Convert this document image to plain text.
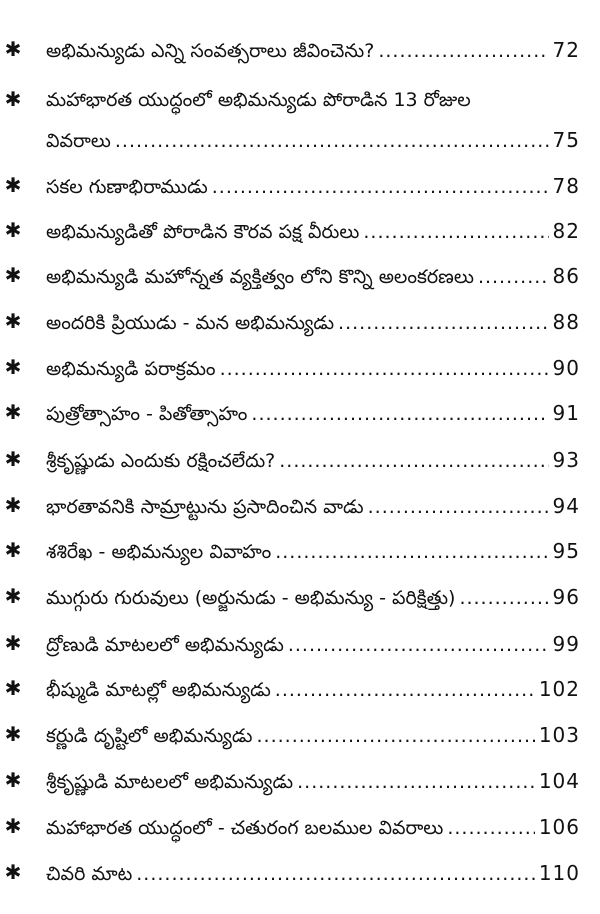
✱ అభిమన్యుడు ఎన్ని సంవత్సరాలు జీవించెను? .....	72
✱ మహాభారత యుద్ధంలో అభిమన్యుడు పోరాడిన 13 రోజుల
వివరాలు .....	75
✱ సకల గుణాభిరాముడు .....	78
✱ అభిమన్యుడితో పోరాడిన కౌరవ పక్ష వీరులు .....	82
✱ అభిమన్యుడి మహోన్నత వ్యక్తిత్వం లోని కొన్ని అలంకరణలు .....	86
✱ అందరికి ప్రియుడు - మన అభిమన్యుడు .....	88
✱ అభిమన్యుడి పరాక్రమం .....	90
✱ పుత్రోత్సాహం - పితోత్సాహం .....	91
✱ శ్రీకృష్ణుడు ఎందుకు రక్షించలేదు? .....	93
✱ భారతావనికి సామ్రాట్టును ప్రసాదించిన వాడు .....	94
✱ శశిరేఖ - అభిమన్యుల వివాహం .....	95
✱ ముగ్గురు గురువులు (అర్జునుడు - అభిమన్యు - పరిక్షిత్తు) .....	96
✱ ద్రోణుడి మాటలలో అభిమన్యుడు .....	99
✱ భీష్ముడి మాటల్లో అభిమన్యుడు .....	102
✱ కర్ణుడి దృష్టిలో అభిమన్యుడు .....	103
✱ శ్రీకృష్ణుడి మాటలలో అభిమన్యుడు .....	104
✱ మహాభారత యుద్ధంలో - చతురంగ బలముల వివరాలు .....	106
✱ చివరి మాట .....	110
